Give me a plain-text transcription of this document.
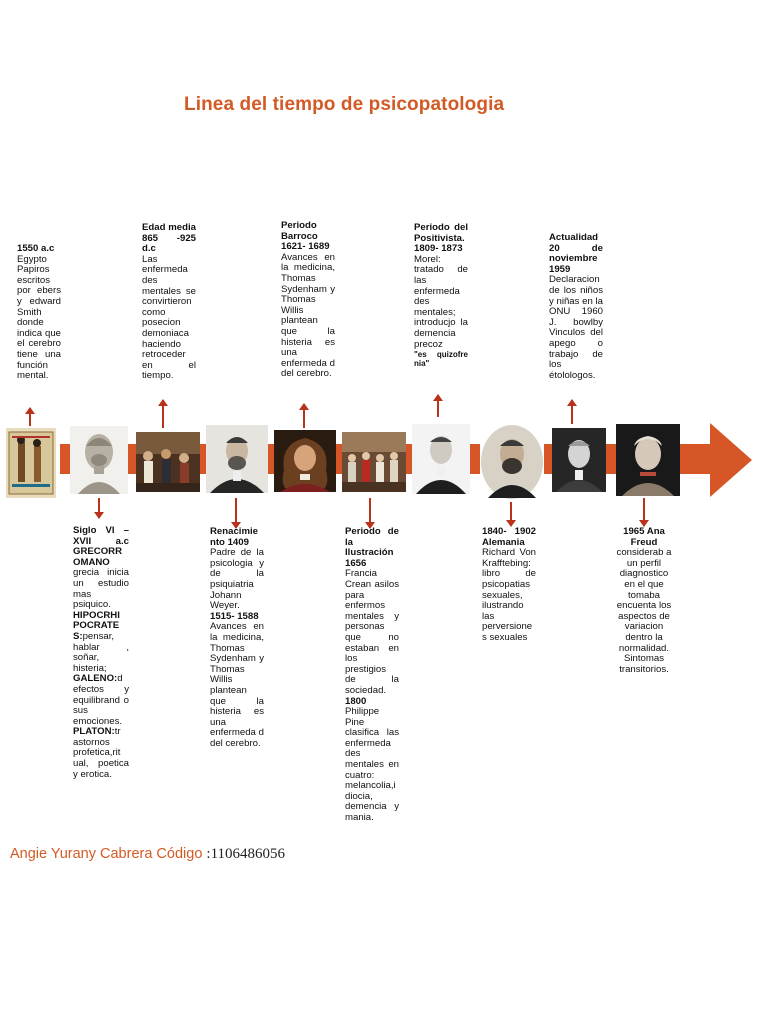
Linea del tiempo de psicopatologia
1550 a.c
Egypto Papiros escritos por ebers y edward Smith donde indica que el cerebro tiene una función mental.
Edad media 865 -925 d.c
Las enfermeda des mentales se convirtieron como posecion demoniaca haciendo retroceder en el tiempo.
Periodo Barroco 1621- 1689
Avances en la medicina, Thomas Sydenham y Thomas Willis plantean que la histeria es una enfermeda d del cerebro.
Periodo del Positivista. 1809- 1873
Morel: tratado de las enfermeda des mentales; introducjo la demencia precoz
"es quizofre nia"
Actualidad 20 de noviembre 1959
Declaracion de los niños y niñas en la ONU 1960 J. bowlby Vinculos del apego o trabajo de los étolologos.
Siglo VI – XVII a.c GRECORR OMANO
grecia inicia un estudio mas psiquico.
HIPOCRHI POCRATE S:pensar, hablar , soñar, histeria;
GALENO:d efectos y equilibrand o sus emociones.
PLATON:tr astornos profetica,rit ual, poetica y erotica.
Renacimie nto 1409
Padre de la psicologia y de la psiquiatria Johann Weyer.
1515- 1588
Avances en la medicina, Thomas Sydenham y Thomas Willis plantean que la histeria es una enfermeda d del cerebro.
Periodo de la Ilustración 1656
Francia Crean asilos para enfermos mentales y personas que no estaban en los prestigios de la sociedad.
1800
Philippe Pine clasifica las enfermeda des mentales en cuatro: melancolia,i diocia, demencia y mania.
1840- 1902 Alemania
Richard Von Krafftebing: libro de psicopatias sexuales, ilustrando las perversione s sexuales
1965 Ana Freud
considerab a un perfil diagnostico en el que tomaba encuenta los aspectos de variacion dentro la normalidad. Sintomas transitorios.
Angie Yurany Cabrera Código :1106486056
